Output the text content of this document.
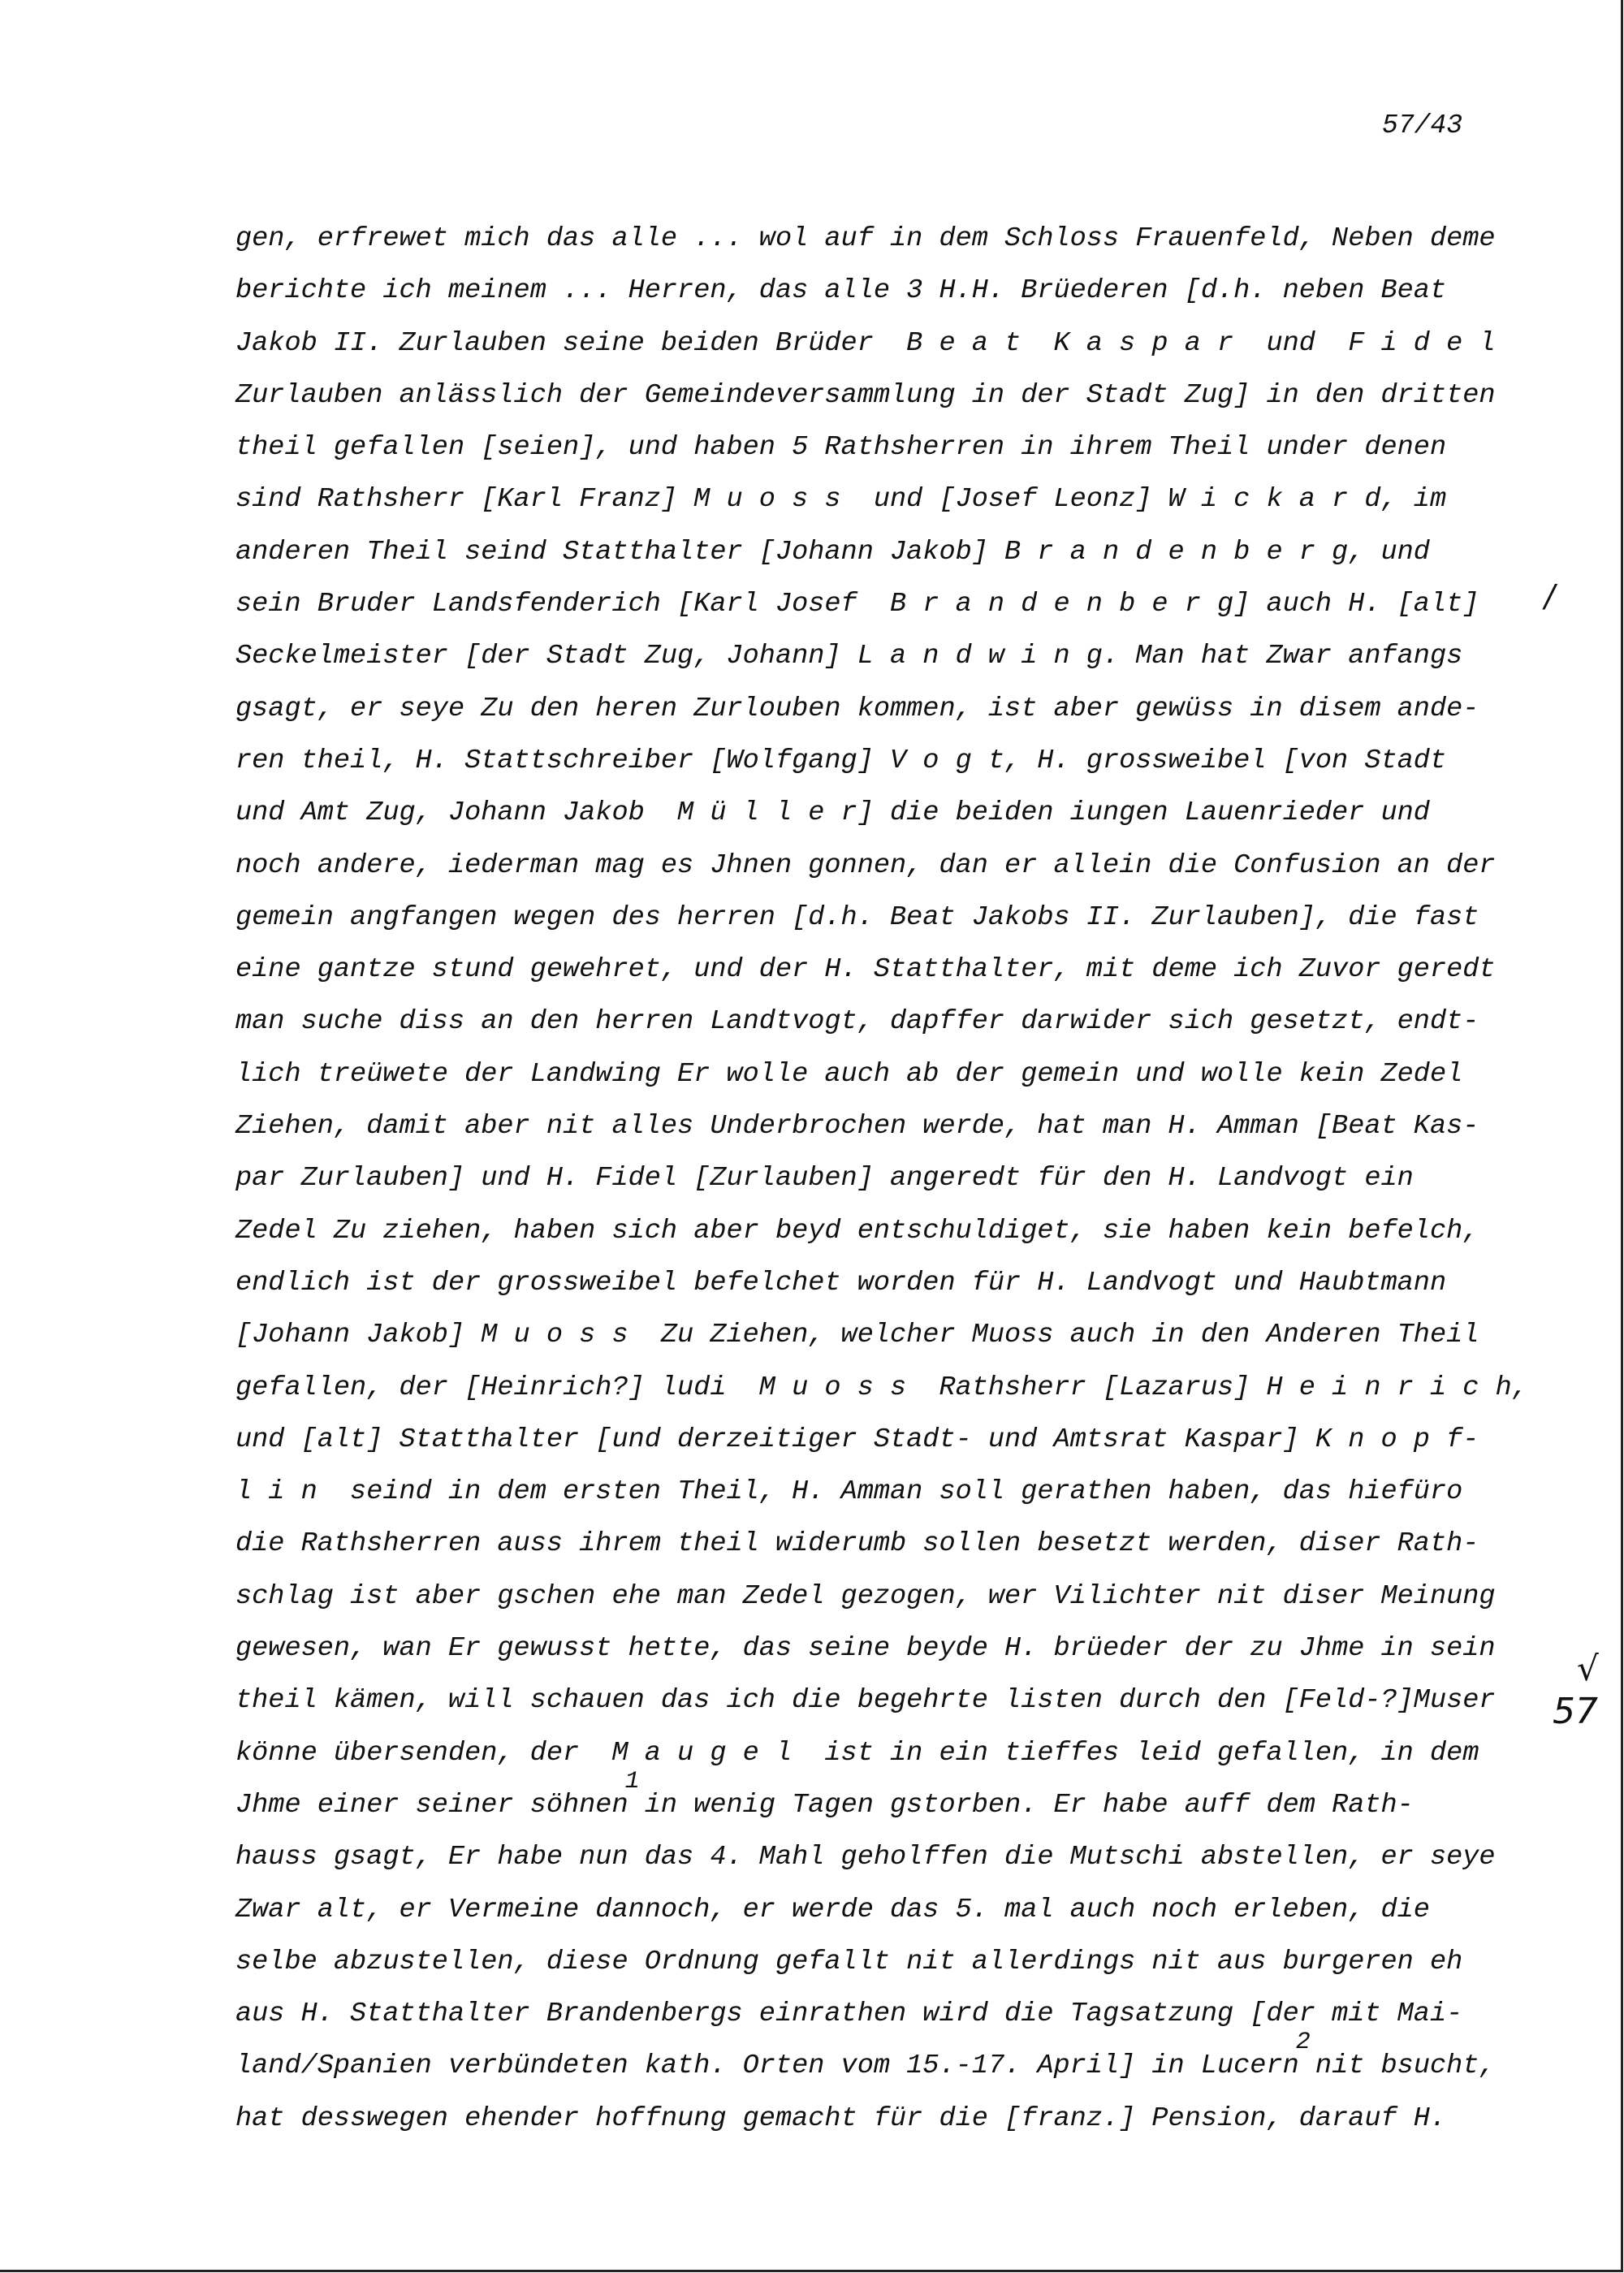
57/43
gen, erfrewet mich das alle ... wol auf in dem Schloss Frauenfeld, Neben deme
berichte ich meinem ... Herren, das alle 3 H.H. Brüederen [d.h. neben Beat
Jakob II. Zurlauben seine beiden Brüder  B e a t  K a s p a r  und  F i d e l
Zurlauben anlässlich der Gemeindeversammlung in der Stadt Zug] in den dritten
theil gefallen [seien], und haben 5 Rathsherren in ihrem Theil under denen
sind Rathsherr [Karl Franz] M u o s s  und [Josef Leonz] W i c k a r d, im
anderen Theil seind Statthalter [Johann Jakob] B r a n d e n b e r g, und
sein Bruder Landsfenderich [Karl Josef  B r a n d e n b e r g] auch H. [alt]
Seckelmeister [der Stadt Zug, Johann] L a n d w i n g. Man hat Zwar anfangs
gsagt, er seye Zu den heren Zurlouben kommen, ist aber gewüss in disem ande-
ren theil, H. Stattschreiber [Wolfgang] V o g t, H. grossweibel [von Stadt
und Amt Zug, Johann Jakob  M ü l l e r] die beiden iungen Lauenrieder und
noch andere, iederman mag es Jhnen gonnen, dan er allein die Confusion an der
gemein angfangen wegen des herren [d.h. Beat Jakobs II. Zurlauben], die fast
eine gantze stund gewehret, und der H. Statthalter, mit deme ich Zuvor geredt
man suche diss an den herren Landtvogt, dapffer darwider sich gesetzt, endt-
lich treüwete der Landwing Er wolle auch ab der gemein und wolle kein Zedel
Ziehen, damit aber nit alles Underbrochen werde, hat man H. Amman [Beat Kas-
par Zurlauben] und H. Fidel [Zurlauben] angeredt für den H. Landvogt ein
Zedel Zu ziehen, haben sich aber beyd entschuldiget, sie haben kein befelch,
endlich ist der grossweibel befelchet worden für H. Landvogt und Haubtmann
[Johann Jakob] M u o s s  Zu Ziehen, welcher Muoss auch in den Anderen Theil
gefallen, der [Heinrich?] ludi  M u o s s  Rathsherr [Lazarus] H e i n r i c h,
und [alt] Statthalter [und derzeitiger Stadt- und Amtsrat Kaspar] K n o p f-
l i n  seind in dem ersten Theil, H. Amman soll gerathen haben, das hiefüro
die Rathsherren auss ihrem theil widerumb sollen besetzt werden, diser Rath-
schlag ist aber gschen ehe man Zedel gezogen, wer Vilichter nit diser Meinung
gewesen, wan Er gewusst hette, das seine beyde H. brüeder der zu Jhme in sein
theil kämen, will schauen das ich die begehrte listen durch den [Feld-?]Muser
könne übersenden, der  M a u g e l  ist in ein tieffes leid gefallen, in dem
Jhme einer seiner söhnen1 in wenig Tagen gstorben. Er habe auff dem Rath-
hauss gsagt, Er habe nun das 4. Mahl geholffen die Mutschi abstellen, er seye
Zwar alt, er Vermeine dannoch, er werde das 5. mal auch noch erleben, die
selbe abzustellen, diese Ordnung gefallt nit allerdings nit aus burgeren eh
aus H. Statthalter Brandenbergs einrathen wird die Tagsatzung [der mit Mai-
land/Spanien verbündeten kath. Orten vom 15.-17. April] in Lucern2 nit bsucht,
hat desswegen ehender hoffnung gemacht für die [franz.] Pension, darauf H.
/
√
57
